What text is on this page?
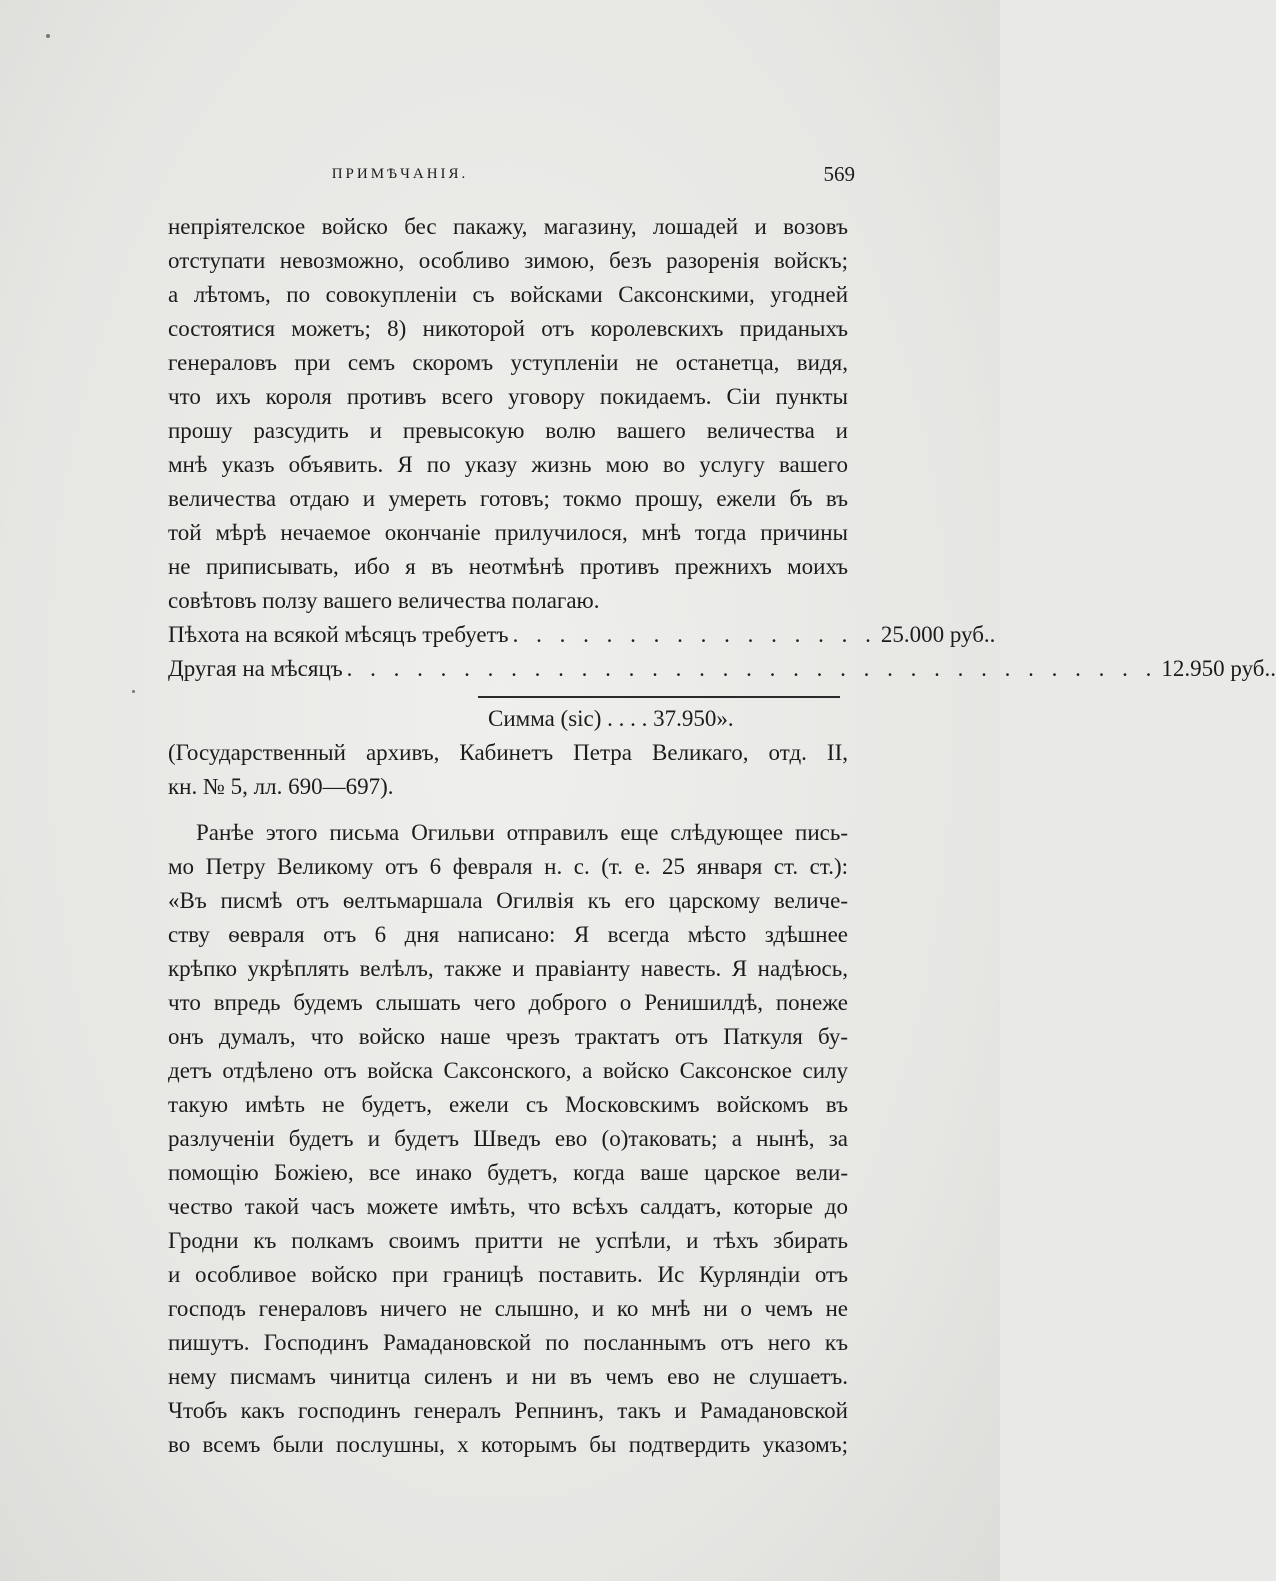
ПРИМѢЧАНІЯ.	569
непріятелское войско бес пакажу, магазину, лошадей и возовъ
отступати невозможно, особливо зимою, безъ разоренія войскъ;
а лѣтомъ, по совокупленіи съ войсками Саксонскими, угодней
состоятися можетъ; 8) никоторой отъ королевскихъ приданыхъ
генераловъ при семъ скоромъ уступленіи не останетца, видя,
что ихъ короля противъ всего уговору покидаемъ. Сіи пункты
прошу разсудить и превысокую волю вашего величества и
мнѣ указъ объявить. Я по указу жизнь мою во услугу вашего
величества отдаю и умереть готовъ; токмо прошу, ежели бъ въ
той мѣрѣ нечаемое окончаніе прилучилося, мнѣ тогда причины
не приписывать, ибо я въ неотмѣнѣ противъ прежнихъ моихъ
совѣтовъ ползу вашего величества полагаю.
Пѣхота на всякой мѣсяцъ требуетъ . . . . . . . . . . . . . . . . 25.000 руб..
Другая на мѣсяцъ . . . . . . . . . . . . . . . . . . . . . . . . . . . . . . . . . . . 12.950 руб..
Симма (sic) . . . . 37.950».
(Государственный архивъ, Кабинетъ Петра Великаго, отд. II,
кн. № 5, лл. 690—697).
Ранѣе этого письма Огильви отправилъ еще слѣдующее пись-
мо Петру Великому отъ 6 февраля н. с. (т. е. 25 января ст. ст.):
«Въ писмѣ отъ ѳелтьмаршала Огилвія къ его царскому величе-
ству ѳеврaля отъ 6 дня написано: Я всегда мѣсто здѣшнее
крѣпко укрѣплять велѣлъ, также и правіанту навесть. Я надѣюсь,
что впредь будемъ слышать чего доброго о Ренишилдѣ, понеже
онъ думалъ, что войско наше чрезъ трактатъ отъ Паткуля бу-
детъ отдѣлено отъ войска Саксонского, а войско Саксонское силу
такую имѣть не будетъ, ежели съ Московскимъ войскомъ въ
разлученіи будетъ и будетъ Шведъ ево (о)таковать; а нынѣ, за
помощію Божіею, все инако будетъ, когда ваше царское вели-
чество такой часъ можете имѣть, что всѣхъ салдатъ, которые до
Гродни къ полкамъ своимъ притти не успѣли, и тѣхъ збирать
и особливое войско при границѣ поставить. Ис Курляндіи отъ
господъ генераловъ ничего не слышно, и ко мнѣ ни о чемъ не
пишутъ. Господинъ Рамадановской по посланнымъ отъ него къ
нему писмамъ чинитца силенъ и ни въ чемъ ево не слушаетъ.
Чтобъ какъ господинъ генералъ Репнинъ, такъ и Рамадановской
во всемъ были послушны, х которымъ бы подтвердить указомъ;
